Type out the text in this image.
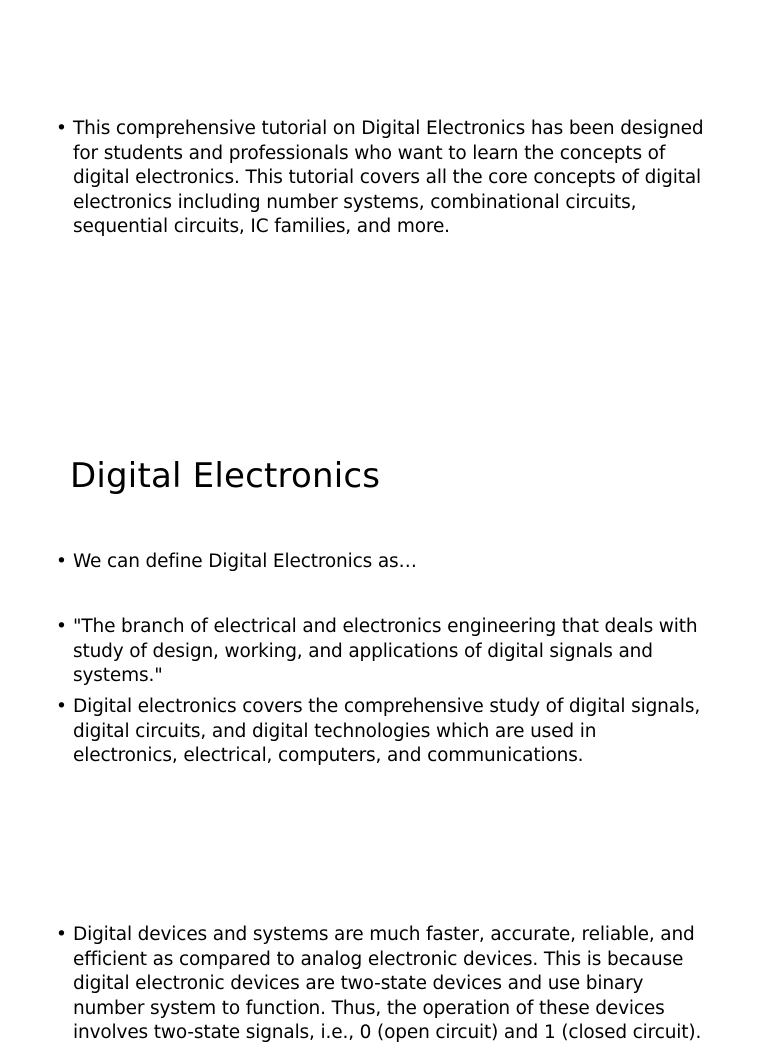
• This comprehensive tutorial on Digital Electronics has been designed for students and professionals who want to learn the concepts of digital electronics. This tutorial covers all the core concepts of digital electronics including number systems, combinational circuits, sequential circuits, IC families, and more.
Digital Electronics
• We can define Digital Electronics as…
• "The branch of electrical and electronics engineering that deals with study of design, working, and applications of digital signals and systems."
• Digital electronics covers the comprehensive study of digital signals, digital circuits, and digital technologies which are used in electronics, electrical, computers, and communications.
• Digital devices and systems are much faster, accurate, reliable, and efficient as compared to analog electronic devices. This is because digital electronic devices are two-state devices and use binary number system to function. Thus, the operation of these devices involves two-state signals, i.e., 0 (open circuit) and 1 (closed circuit).
